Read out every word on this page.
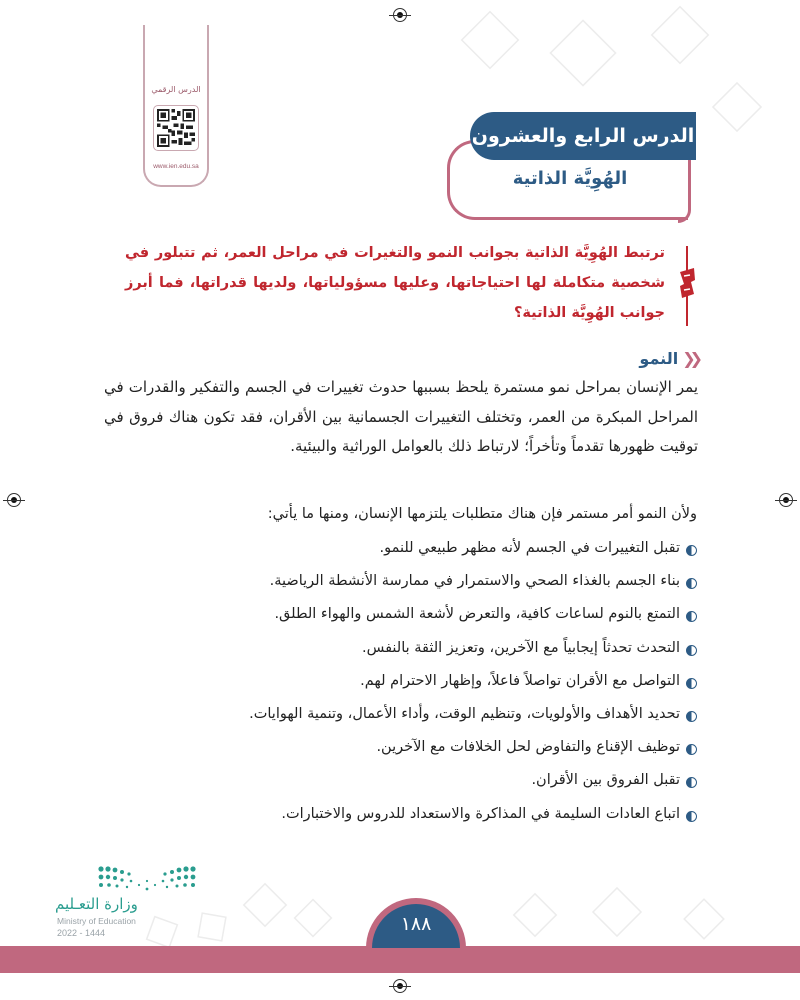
الدرس الرقمي
www.ien.edu.sa
الدرس الرابع والعشرون
الهُوِيَّة الذاتية
ترتبط الهُوِيَّة الذاتية بجوانب النمو والتغيرات في مراحل العمر، ثم تتبلور في شخصية متكاملة لها احتياجاتها، وعليها مسؤولياتها، ولديها قدراتها، فما أبرز جوانب الهُوِيَّة الذاتية؟
❮❮
النمو
يمر الإنسان بمراحل نمو مستمرة يلحظ بسببها حدوث تغييرات في الجسم والتفكير والقدرات في المراحل المبكرة من العمر، وتختلف التغييرات الجسمانية بين الأقران، فقد تكون هناك فروق في توقيت ظهورها تقدماً وتأخراً؛ لارتباط ذلك بالعوامل الوراثية والبيئية.
ولأن النمو أمر مستمر فإن هناك متطلبات يلتزمها الإنسان، ومنها ما يأتي:
تقبل التغييرات في الجسم لأنه مظهر طبيعي للنمو.
بناء الجسم بالغذاء الصحي والاستمرار في ممارسة الأنشطة الرياضية.
التمتع بالنوم لساعات كافية، والتعرض لأشعة الشمس والهواء الطلق.
التحدث تحدثاً إيجابياً مع الآخرين، وتعزيز الثقة بالنفس.
التواصل مع الأقران تواصلاً فاعلاً، وإظهار الاحترام لهم.
تحديد الأهداف والأولويات، وتنظيم الوقت، وأداء الأعمال، وتنمية الهوايات.
توظيف الإقناع والتفاوض لحل الخلافات مع الآخرين.
تقبل الفروق بين الأقران.
اتباع العادات السليمة في المذاكرة والاستعداد للدروس والاختبارات.
وزارة التعـليم
Ministry of Education
2022 - 1444	١٨٨
